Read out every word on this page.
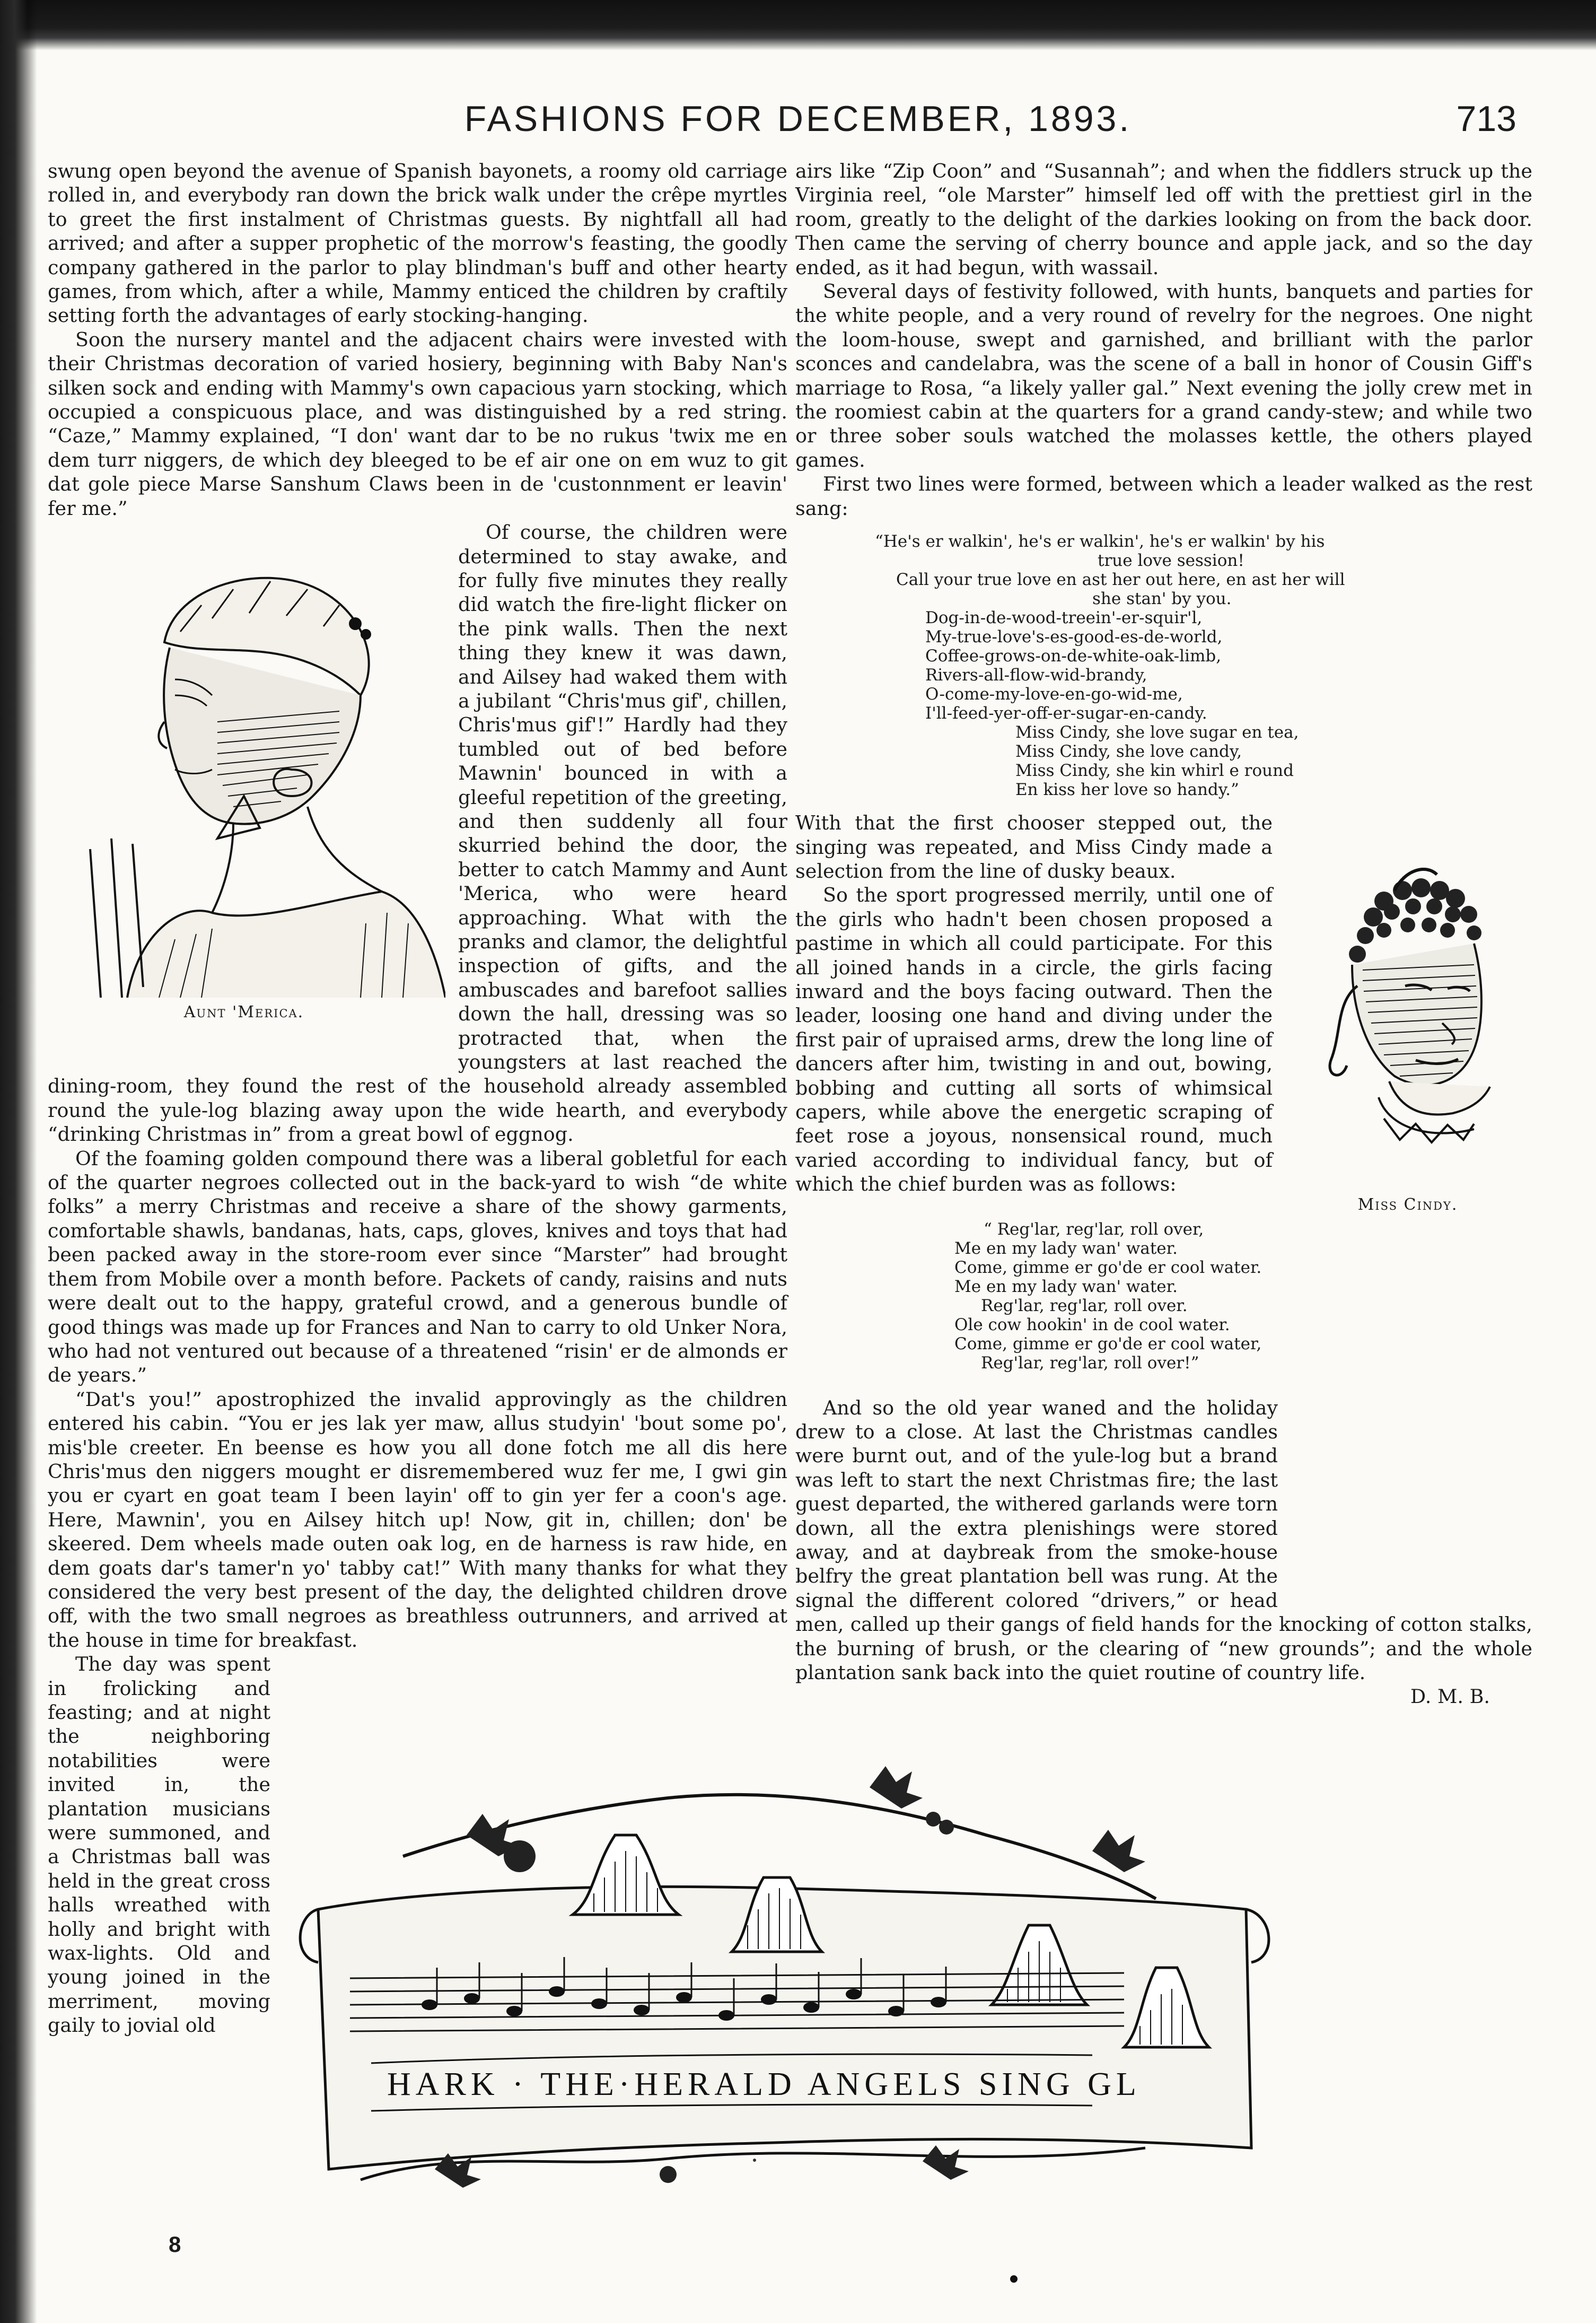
FASHIONS FOR DECEMBER, 1893.	713

swung open beyond the avenue of Spanish bayonets, a roomy old carriage rolled in, and everybody ran down the brick walk under the crêpe myrtles to greet the first instalment of Christmas guests. By nightfall all had arrived; and after a supper prophetic of the morrow's feasting, the goodly company gathered in the parlor to play blindman's buff and other hearty games, from which, after a while, Mammy enticed the children by craftily setting forth the advantages of early stocking-hanging.

Soon the nursery mantel and the adjacent chairs were invested with their Christmas decoration of varied hosiery, beginning with Baby Nan's silken sock and ending with Mammy's own capacious yarn stocking, which occupied a conspicuous place, and was distinguished by a red string. “Caze,” Mammy explained, “I don' want dar to be no rukus 'twix me en dem turr niggers, de which dey bleeged to be ef air one on em wuz to git dat gole piece Marse Sanshum Claws been in de 'custonnment er leavin' fer me.”

Aunt 'Merica.

Of course, the children were determined to stay awake, and for fully five minutes they really did watch the fire-light flicker on the pink walls. Then the next thing they knew it was dawn, and Ailsey had waked them with a jubilant “Chris'mus gif', chillen, Chris'mus gif'!” Hardly had they tumbled out of bed before Mawnin' bounced in with a gleeful repetition of the greeting, and then suddenly all four skurried behind the door, the better to catch Mammy and Aunt 'Merica, who were heard approaching. What with the pranks and clamor, the delightful inspection of gifts, and the ambuscades and barefoot sallies down the hall, dressing was so protracted that, when the youngsters at last reached the dining-room, they found the rest of the household already assembled round the yule-log blazing away upon the wide hearth, and everybody “drinking Christmas in” from a great bowl of eggnog.

Of the foaming golden compound there was a liberal gobletful for each of the quarter negroes collected out in the back-yard to wish “de white folks” a merry Christmas and receive a share of the showy garments, comfortable shawls, bandanas, hats, caps, gloves, knives and toys that had been packed away in the store-room ever since “Marster” had brought them from Mobile over a month before. Packets of candy, raisins and nuts were dealt out to the happy, grateful crowd, and a generous bundle of good things was made up for Frances and Nan to carry to old Unker Nora, who had not ventured out because of a threatened “risin' er de almonds er de years.”

“Dat's you!” apostrophized the invalid approvingly as the children entered his cabin. “You er jes lak yer maw, allus studyin' 'bout some po', mis'ble creeter. En beense es how you all done fotch me all dis here Chris'mus den niggers mought er disremembered wuz fer me, I gwi gin you er cyart en goat team I been layin' off to gin yer fer a coon's age. Here, Mawnin', you en Ailsey hitch up! Now, git in, chillen; don' be skeered. Dem wheels made outen oak log, en de harness is raw hide, en dem goats dar's tamer'n yo' tabby cat!” With many thanks for what they considered the very best present of the day, the delighted children drove off, with the two small negroes as breathless outrunners, and arrived at the house in time for breakfast.

The day was spent in frolicking and feasting; and at night the neighboring notabilities were invited in, the plantation musicians were summoned, and a Christmas ball was held in the great cross halls wreathed with holly and bright with wax-lights. Old and young joined in the merriment, moving gaily to jovial old

airs like “Zip Coon” and “Susannah”; and when the fiddlers struck up the Virginia reel, “ole Marster” himself led off with the prettiest girl in the room, greatly to the delight of the darkies looking on from the back door. Then came the serving of cherry bounce and apple jack, and so the day ended, as it had begun, with wassail.

Several days of festivity followed, with hunts, banquets and parties for the white people, and a very round of revelry for the negroes. One night the loom-house, swept and garnished, and brilliant with the parlor sconces and candelabra, was the scene of a ball in honor of Cousin Giff's marriage to Rosa, “a likely yaller gal.” Next evening the jolly crew met in the roomiest cabin at the quarters for a grand candy-stew; and while two or three sober souls watched the molasses kettle, the others played games.

First two lines were formed, between which a leader walked as the rest sang:

“He's er walkin', he's er walkin', he's er walkin' by his
true love session!
Call your true love en ast her out here, en ast her will
she stan' by you.
Dog-in-de-wood-treein'-er-squir'l,
My-true-love's-es-good-es-de-world,
Coffee-grows-on-de-white-oak-limb,
Rivers-all-flow-wid-brandy,
O-come-my-love-en-go-wid-me,
I'll-feed-yer-off-er-sugar-en-candy.
Miss Cindy, she love sugar en tea,
Miss Cindy, she love candy,
Miss Cindy, she kin whirl e round
En kiss her love so handy.”
Miss Cindy.

With that the first chooser stepped out, the singing was repeated, and Miss Cindy made a selection from the line of dusky beaux.

So the sport progressed merrily, until one of the girls who hadn't been chosen proposed a pastime in which all could participate. For this all joined hands in a circle, the girls facing inward and the boys facing outward. Then the leader, loosing one hand and diving under the first pair of upraised arms, drew the long line of dancers after him, twisting in and out, bowing, bobbing and cutting all sorts of whimsical capers, while above the energetic scraping of feet rose a joyous, nonsensical round, much varied according to individual fancy, but of which the chief burden was as follows:

“ Reg'lar, reg'lar, roll over,
Me en my lady wan' water.
Come, gimme er go'de er cool water.
Me en my lady wan' water.
Reg'lar, reg'lar, roll over.
Ole cow hookin' in de cool water.
Come, gimme er go'de er cool water,
Reg'lar, reg'lar, roll over!”

And so the old year waned and the holiday drew to a close. At last the Christmas candles were burnt out, and of the yule-log but a brand was left to start the next Christmas fire; the last guest departed, the withered garlands were torn down, all the extra plenishings were stored away, and at daybreak from the smoke-house belfry the great plantation bell was rung. At the signal the different colored “drivers,” or head men, called up their gangs of field hands for the knocking of cotton stalks, the burning of brush, or the clearing of “new grounds”; and the whole plantation sank back into the quiet routine of country life.

D. M. B.

HARK · THE·HERALD ANGELS SING GL
8
